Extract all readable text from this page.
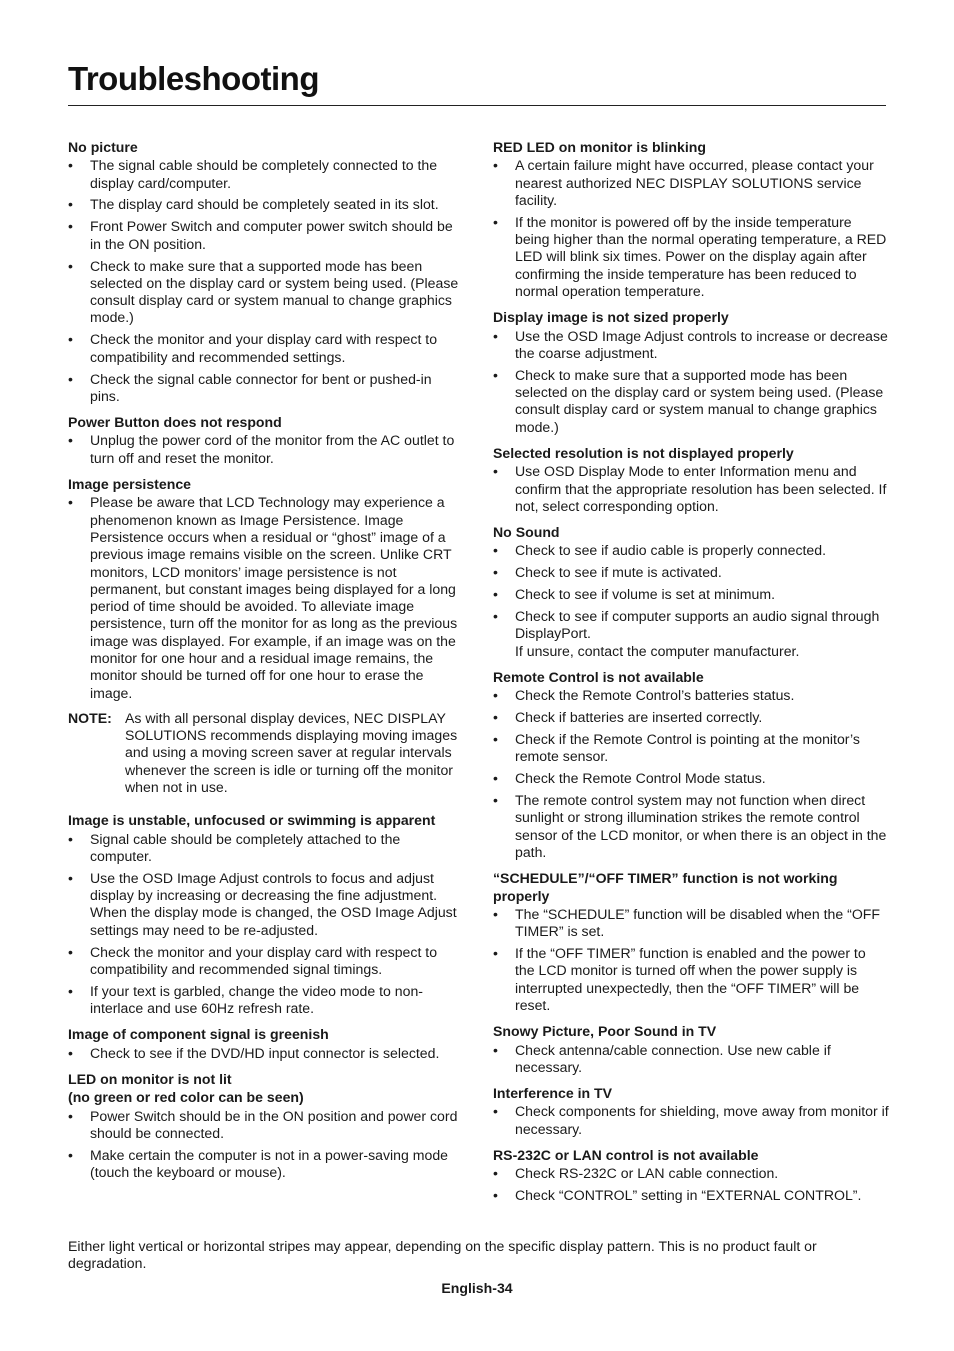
Troubleshooting
No picture
• The signal cable should be completely connected to the display card/computer.
• The display card should be completely seated in its slot.
• Front Power Switch and computer power switch should be in the ON position.
• Check to make sure that a supported mode has been selected on the display card or system being used. (Please consult display card or system manual to change graphics mode.)
• Check the monitor and your display card with respect to compatibility and recommended settings.
• Check the signal cable connector for bent or pushed-in pins.
Power Button does not respond
• Unplug the power cord of the monitor from the AC outlet to turn off and reset the monitor.
Image persistence
• Please be aware that LCD Technology may experience a phenomenon known as Image Persistence. Image Persistence occurs when a residual or “ghost” image of a previous image remains visible on the screen. Unlike CRT monitors, LCD monitors’ image persistence is not permanent, but constant images being displayed for a long period of time should be avoided. To alleviate image persistence, turn off the monitor for as long as the previous image was displayed. For example, if an image was on the monitor for one hour and a residual image remains, the monitor should be turned off for one hour to erase the image.
NOTE: As with all personal display devices, NEC DISPLAY SOLUTIONS recommends displaying moving images and using a moving screen saver at regular intervals whenever the screen is idle or turning off the monitor when not in use.
Image is unstable, unfocused or swimming is apparent
• Signal cable should be completely attached to the computer.
• Use the OSD Image Adjust controls to focus and adjust display by increasing or decreasing the fine adjustment. When the display mode is changed, the OSD Image Adjust settings may need to be re-adjusted.
• Check the monitor and your display card with respect to compatibility and recommended signal timings.
• If your text is garbled, change the video mode to non-interlace and use 60Hz refresh rate.
Image of component signal is greenish
• Check to see if the DVD/HD input connector is selected.
LED on monitor is not lit
(no green or red color can be seen)
• Power Switch should be in the ON position and power cord should be connected.
• Make certain the computer is not in a power-saving mode (touch the keyboard or mouse).
RED LED on monitor is blinking
• A certain failure might have occurred, please contact your nearest authorized NEC DISPLAY SOLUTIONS service facility.
• If the monitor is powered off by the inside temperature being higher than the normal operating temperature, a RED LED will blink six times. Power on the display again after confirming the inside temperature has been reduced to normal operation temperature.
Display image is not sized properly
• Use the OSD Image Adjust controls to increase or decrease the coarse adjustment.
• Check to make sure that a supported mode has been selected on the display card or system being used. (Please consult display card or system manual to change graphics mode.)
Selected resolution is not displayed properly
• Use OSD Display Mode to enter Information menu and confirm that the appropriate resolution has been selected. If not, select corresponding option.
No Sound
• Check to see if audio cable is properly connected.
• Check to see if mute is activated.
• Check to see if volume is set at minimum.
• Check to see if computer supports an audio signal through DisplayPort.
If unsure, contact the computer manufacturer.
Remote Control is not available
• Check the Remote Control’s batteries status.
• Check if batteries are inserted correctly.
• Check if the Remote Control is pointing at the monitor’s remote sensor.
• Check the Remote Control Mode status.
• The remote control system may not function when direct sunlight or strong illumination strikes the remote control sensor of the LCD monitor, or when there is an object in the path.
“SCHEDULE”/“OFF TIMER” function is not working properly
• The “SCHEDULE” function will be disabled when the “OFF TIMER” is set.
• If the “OFF TIMER” function is enabled and the power to the LCD monitor is turned off when the power supply is interrupted unexpectedly, then the “OFF TIMER” will be reset.
Snowy Picture, Poor Sound in TV
• Check antenna/cable connection. Use new cable if necessary.
Interference in TV
• Check components for shielding, move away from monitor if necessary.
RS-232C or LAN control is not available
• Check RS-232C or LAN cable connection.
• Check “CONTROL” setting in “EXTERNAL CONTROL”.
Either light vertical or horizontal stripes may appear, depending on the specific display pattern. This is no product fault or degradation.
English-34
